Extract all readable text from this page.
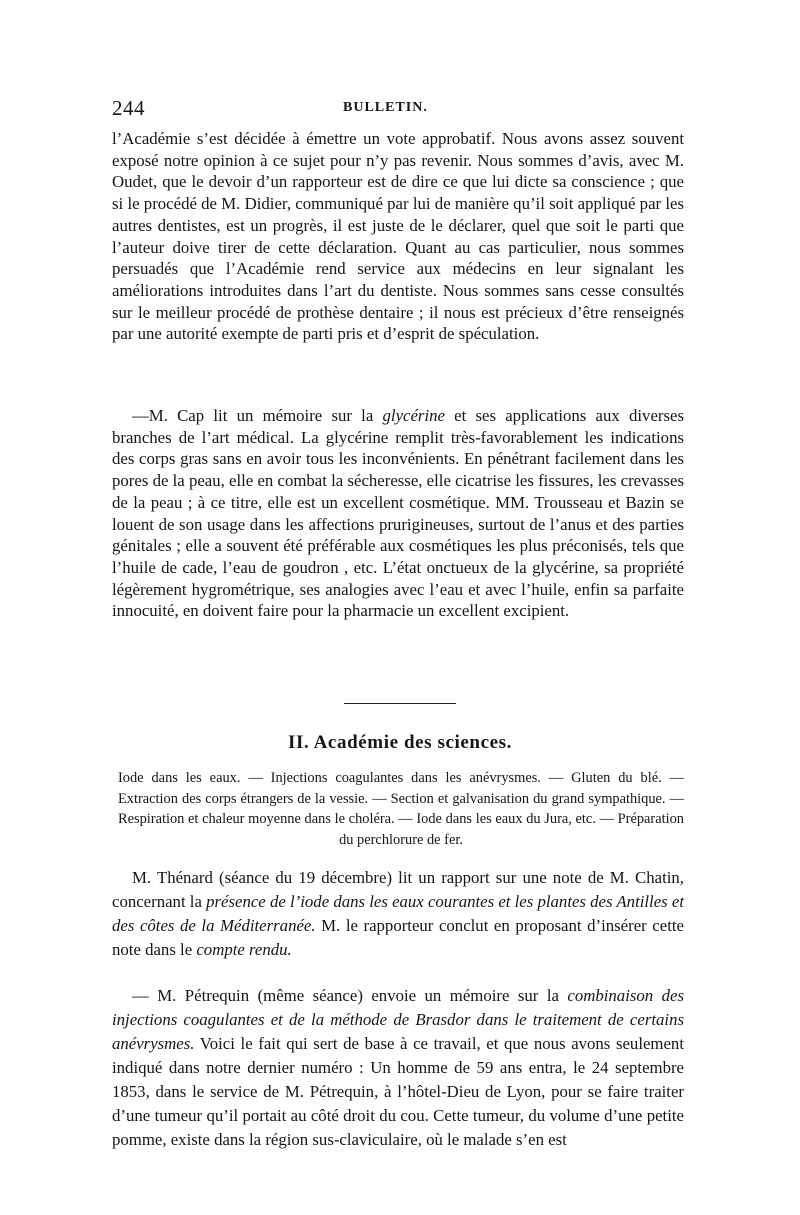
244	BULLETIN.

l’Académie s’est décidée à émettre un vote approbatif. Nous avons assez souvent exposé notre opinion à ce sujet pour n’y pas revenir. Nous sommes d’avis, avec M. Oudet, que le devoir d’un rapporteur est de dire ce que lui dicte sa conscience ; que si le procédé de M. Didier, communiqué par lui de manière qu’il soit appliqué par les autres dentistes, est un progrès, il est juste de le déclarer, quel que soit le parti que l’auteur doive tirer de cette déclaration. Quant au cas particulier, nous sommes persuadés que l’Académie rend service aux médecins en leur signalant les améliorations introduites dans l’art du dentiste. Nous sommes sans cesse consultés sur le meilleur procédé de prothèse dentaire ; il nous est précieux d’être renseignés par une autorité exempte de parti pris et d’esprit de spéculation.

—M. Cap lit un mémoire sur la glycérine et ses applications aux diverses branches de l’art médical. La glycérine remplit très-favorablement les indications des corps gras sans en avoir tous les inconvénients. En pénétrant facilement dans les pores de la peau, elle en combat la sécheresse, elle cicatrise les fissures, les crevasses de la peau ; à ce titre, elle est un excellent cosmétique. MM. Trousseau et Bazin se louent de son usage dans les affections prurigineuses, surtout de l’anus et des parties génitales ; elle a souvent été préférable aux cosmétiques les plus préconisés, tels que l’huile de cade, l’eau de goudron , etc. L’état onctueux de la glycérine, sa propriété légèrement hygrométrique, ses analogies avec l’eau et avec l’huile, enfin sa parfaite innocuité, en doivent faire pour la pharmacie un excellent excipient.

II. Académie des sciences.

Iode dans les eaux. — Injections coagulantes dans les anévrysmes. — Gluten du blé. — Extraction des corps étrangers de la vessie. — Section et galvanisation du grand sympathique. — Respiration et chaleur moyenne dans le choléra. — Iode dans les eaux du Jura, etc. — Préparation du perchlorure de fer.

M. Thénard (séance du 19 décembre) lit un rapport sur une note de M. Chatin, concernant la présence de l’iode dans les eaux courantes et les plantes des Antilles et des côtes de la Méditerranée. M. le rapporteur conclut en proposant d’insérer cette note dans le compte rendu.

— M. Pétrequin (même séance) envoie un mémoire sur la combinaison des injections coagulantes et de la méthode de Brasdor dans le traitement de certains anévrysmes. Voici le fait qui sert de base à ce travail, et que nous avons seulement indiqué dans notre dernier numéro : Un homme de 59 ans entra, le 24 septembre 1853, dans le service de M. Pétrequin, à l’hôtel-Dieu de Lyon, pour se faire traiter d’une tumeur qu’il portait au côté droit du cou. Cette tumeur, du volume d’une petite pomme, existe dans la région sus-claviculaire, où le malade s’en est
